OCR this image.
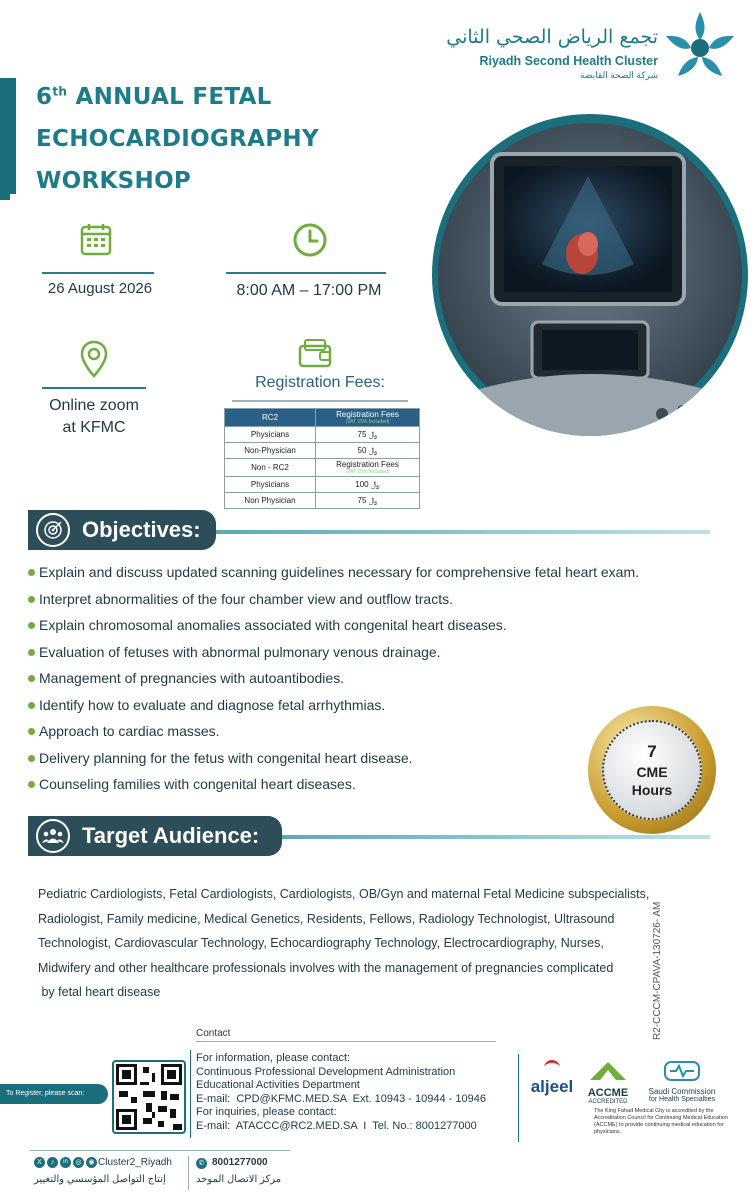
تجمع الرياض الصحي الثاني
Riyadh Second Health Cluster
شركة الصحة القابضة
6th ANNUAL FETAL
ECHOCARDIOGRAPHY
WORKSHOP
26 August 2026	8:00 AM – 17:00 PM
Online zoom
at KFMC
Registration Fees:
RC2	Registration Fees
(VAT 15% Included)

Physicians	75 ﷼
Non-Physician	50 ﷼
Non - RC2	Registration Fees
(VAT 15% Included)

Physicians	100 ﷼
Non Physician	75 ﷼
Objectives:
Explain and discuss updated scanning guidelines necessary for comprehensive fetal heart exam.
Interpret abnormalities of the four chamber view and outflow tracts.
Explain chromosomal anomalies associated with congenital heart diseases.
Evaluation of fetuses with abnormal pulmonary venous drainage.
Management of pregnancies with autoantibodies.
Identify how to evaluate and diagnose fetal arrhythmias.
Approach to cardiac masses.
Delivery planning for the fetus with congenital heart disease.
Counseling families with congenital heart diseases.
7
CME
Hours
Target Audience:
Pediatric Cardiologists, Fetal Cardiologists, Cardiologists, OB/Gyn and maternal Fetal Medicine subspecialists,
Radiologist, Family medicine, Medical Genetics, Residents, Fellows, Radiology Technologist, Ultrasound
Technologist, Cardiovascular Technology, Echocardiography Technology, Electrocardiography, Nurses,
Midwifery and other healthcare professionals involves with the management of pregnancies complicated
by fetal heart disease	R2-CCCM-CPAVA-130726- AM
Contact
To Register, please scan:
For information, please contact:
Continuous Professional Development Administration
Educational Activities Department
E-mail:  CPD@KFMC.MED.SA  Ext. 10943 - 10944 - 10946
For inquiries, please contact:
E-mail:  ATACCC@RC2.MED.SA  I  Tel. No.: 8001277000
aljeel	ACCME
ACCREDITED
Saudi Commission
for Health Specialties
The King Fahad Medical City is accredited by the Accreditation Council for Continuing Medical Education (ACCME) to provide continuing medical education for physicians.
X	♪	in	◎ ◉ Cluster2_Riyadh
إنتاج التواصل المؤسسي والتغيير
✆ 8001277000
مركز الاتصال الموحد
